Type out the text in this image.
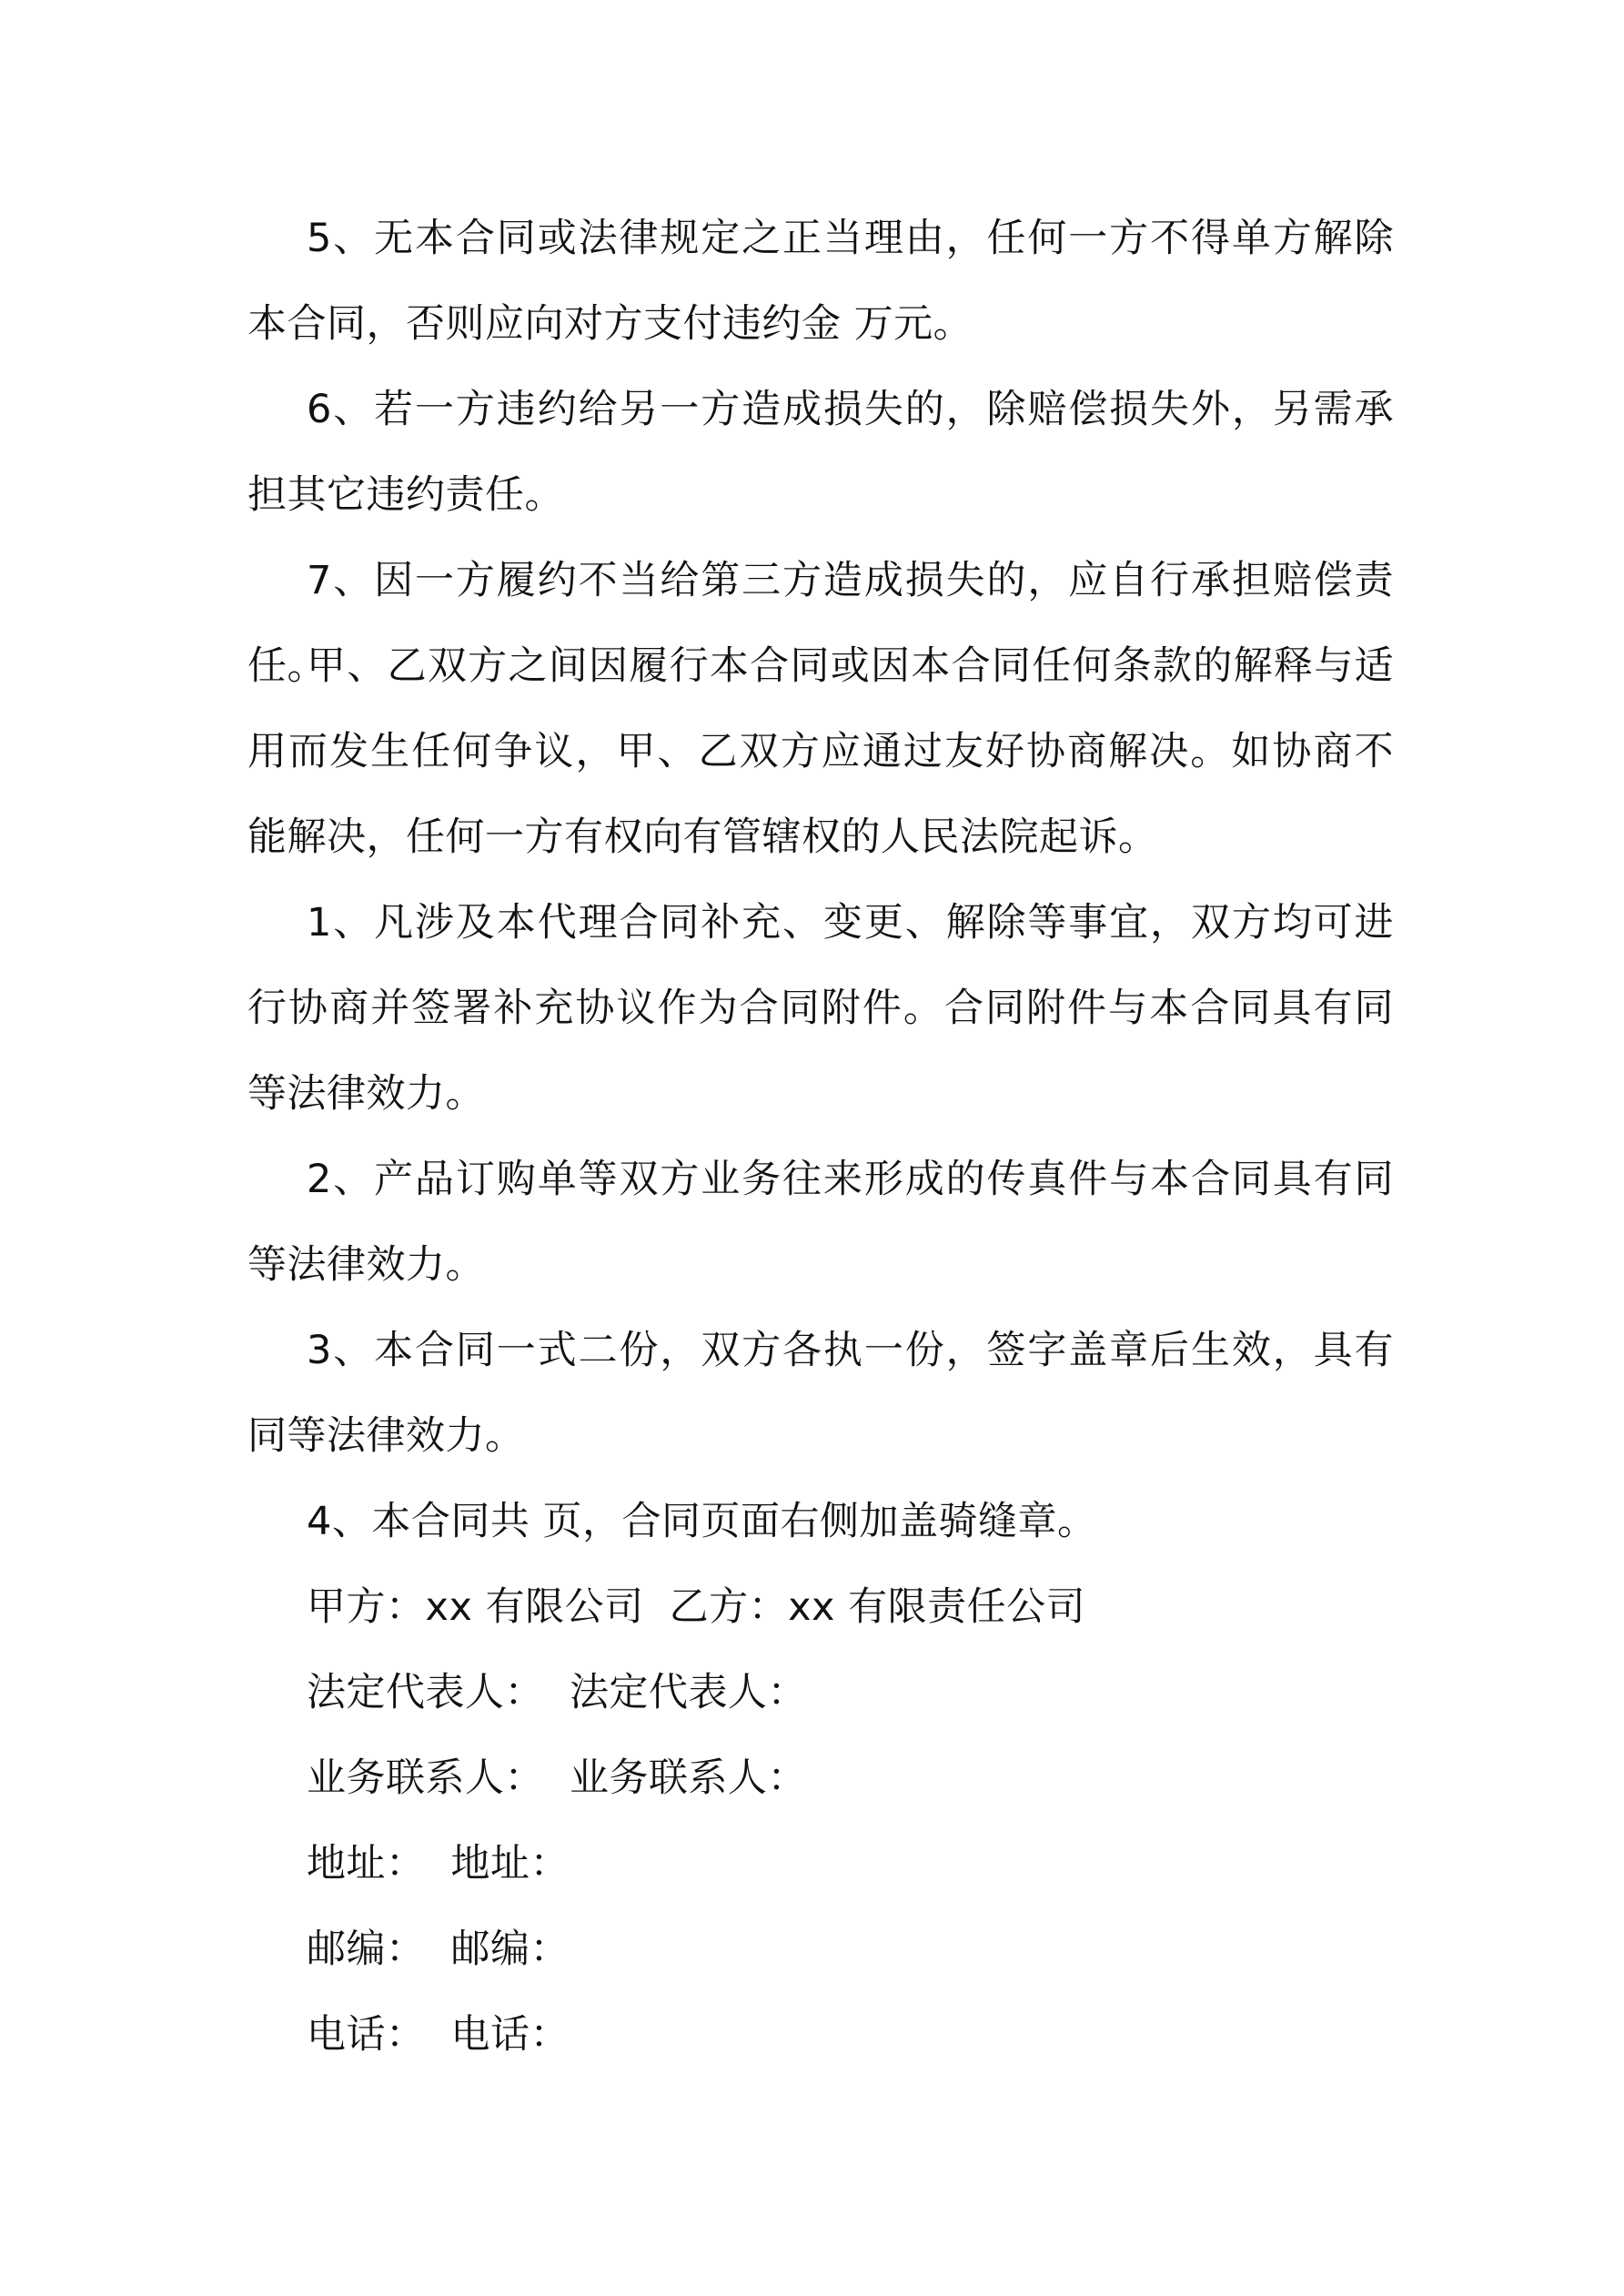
5、无本合同或法律规定之正当理由，任何一方不得单方解除本合同，否则应向对方支付违约金 万元。

6、若一方违约给另一方造成损失的，除赔偿损失外，另需承担其它违约责任。

7、因一方履约不当给第三方造成损失的，应自行承担赔偿责任。

甲、乙双方之间因履行本合同或因本合同任何条款的解释与适用而发生任何争议，甲、乙双方应通过友好协商解决。如协商不能解决，任何一方有权向有管辖权的人民法院起诉。

1、凡涉及本代理合同补充、变更、解除等事宜，双方均可进行协商并签署补充协议作为合同附件。合同附件与本合同具有同等法律效力。

2、产品订购单等双方业务往来形成的传真件与本合同具有同等法律效力。

3、本合同一式二份，双方各执一份，签字盖章后生效，具有同等法律效力。

4、本合同共 页，合同页面右侧加盖骑缝章。

甲方：xx 有限公司 乙方：xx 有限责任公司
法定代表人： 法定代表人：
业务联系人： 业务联系人：
地址： 地址：
邮编： 邮编：
电话： 电话：
